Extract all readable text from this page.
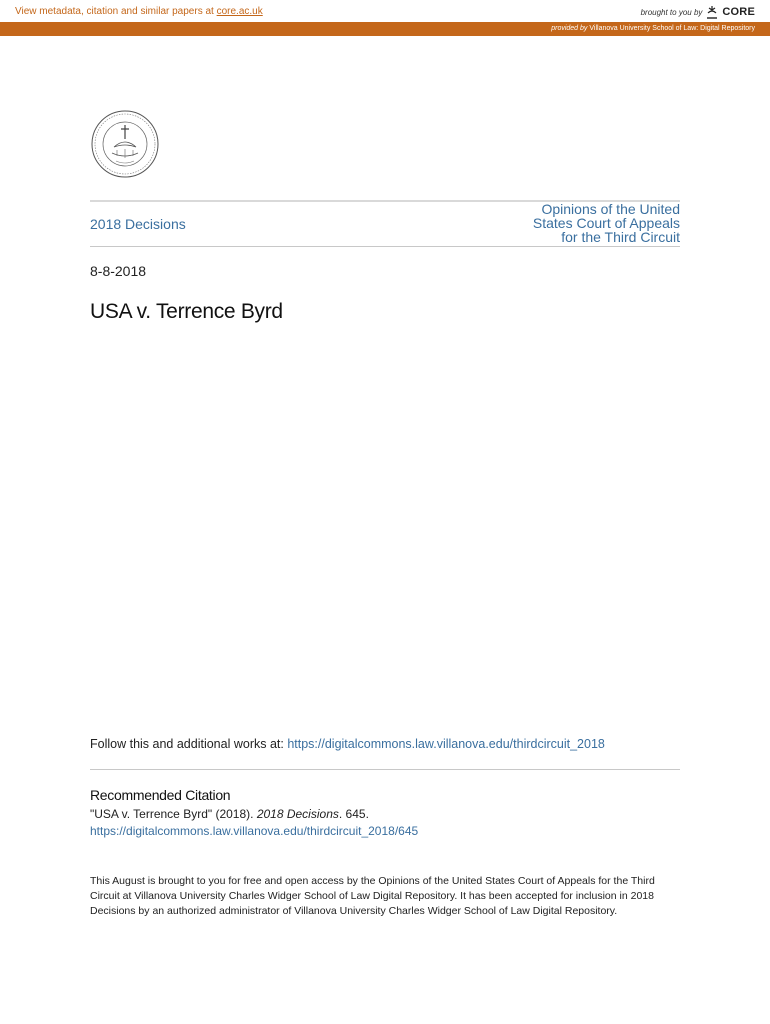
View metadata, citation and similar papers at core.ac.uk	brought to you by CORE
provided by Villanova University School of Law: Digital Repository
2018 Decisions
Opinions of the United
States Court of Appeals
for the Third Circuit
8-8-2018
USA v. Terrence Byrd
Follow this and additional works at: https://digitalcommons.law.villanova.edu/thirdcircuit_2018
Recommended Citation
"USA v. Terrence Byrd" (2018). 2018 Decisions. 645.
https://digitalcommons.law.villanova.edu/thirdcircuit_2018/645
This August is brought to you for free and open access by the Opinions of the United States Court of Appeals for the Third Circuit at Villanova University Charles Widger School of Law Digital Repository. It has been accepted for inclusion in 2018 Decisions by an authorized administrator of Villanova University Charles Widger School of Law Digital Repository.
